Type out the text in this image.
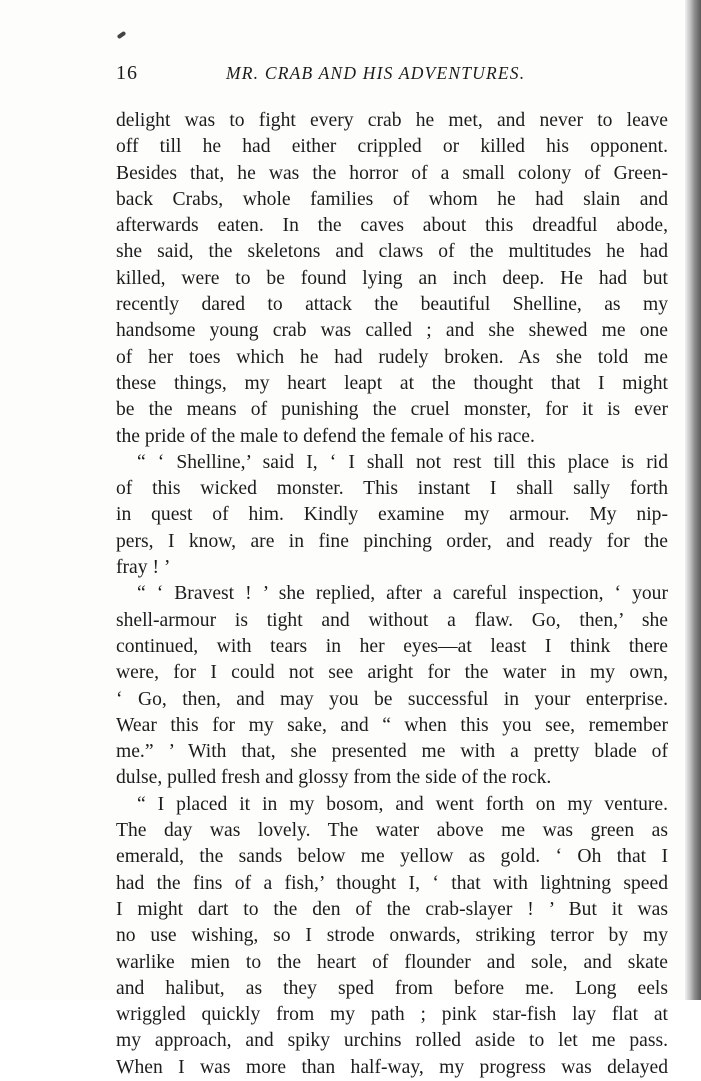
16	MR. CRAB AND HIS ADVENTURES.
delight was to fight every crab he met, and never to leave
off till he had either crippled or killed his opponent.
Besides that, he was the horror of a small colony of Green-
back Crabs, whole families of whom he had slain and
afterwards eaten. In the caves about this dreadful abode,
she said, the skeletons and claws of the multitudes he had
killed, were to be found lying an inch deep. He had but
recently dared to attack the beautiful Shelline, as my
handsome young crab was called ; and she shewed me one
of her toes which he had rudely broken. As she told me
these things, my heart leapt at the thought that I might
be the means of punishing the cruel monster, for it is ever
the pride of the male to defend the female of his race.
“ ‘ Shelline,’ said I, ‘ I shall not rest till this place is rid
of this wicked monster. This instant I shall sally forth
in quest of him. Kindly examine my armour. My nip-
pers, I know, are in fine pinching order, and ready for the
fray ! ’
“ ‘ Bravest ! ’ she replied, after a careful inspection, ‘ your
shell-armour is tight and without a flaw. Go, then,’ she
continued, with tears in her eyes—at least I think there
were, for I could not see aright for the water in my own,
‘ Go, then, and may you be successful in your enterprise.
Wear this for my sake, and “ when this you see, remember
me.” ’ With that, she presented me with a pretty blade of
dulse, pulled fresh and glossy from the side of the rock.
“ I placed it in my bosom, and went forth on my venture.
The day was lovely. The water above me was green as
emerald, the sands below me yellow as gold. ‘ Oh that I
had the fins of a fish,’ thought I, ‘ that with lightning speed
I might dart to the den of the crab-slayer ! ’ But it was
no use wishing, so I strode onwards, striking terror by my
warlike mien to the heart of flounder and sole, and skate
and halibut, as they sped from before me. Long eels
wriggled quickly from my path ; pink star-fish lay flat at
my approach, and spiky urchins rolled aside to let me pass.
When I was more than half-way, my progress was delayed
